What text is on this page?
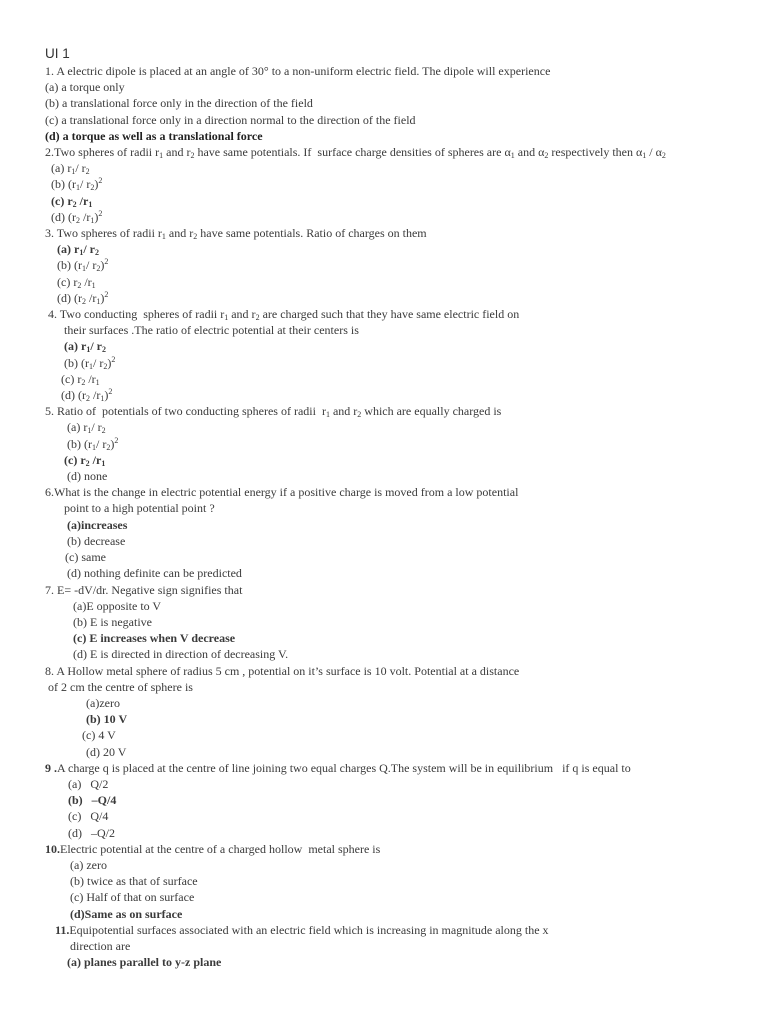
UI 1
1. A electric dipole is placed at an angle of 30° to a non-uniform electric field. The dipole will experience
(a) a torque only
(b) a translational force only in the direction of the field
(c) a translational force only in a direction normal to the direction of the field
(d) a torque as well as a translational force
2.Two spheres of radii $r_1$ and $r_2$ have same potentials. If  surface charge densities of spheres are $\alpha_1$ and $\alpha_2$ respectively then $\alpha_1 / \alpha_2$
(a) $r_1/$ $r_2$
(b) ($r_1/$ $r_2)^2$
(c) $r_2$ $/r_1$
(d) ($r_2$ $/r_1)^2$
3. Two spheres of radii $r_1$ and $r_2$ have same potentials. Ratio of charges on them
(a) $r_1/$ $r_2$
(b) ($r_1/$ $r_2)^2$
(c) $r_2$ $/r_1$
(d) ($r_2$ $/r_1)^2$
4. Two conducting  spheres of radii $r_1$ and $r_2$ are charged such that they have same electric field on
their surfaces .The ratio of electric potential at their centers is
(a) $r_1/$ $r_2$
(b) ($r_1/$ $r_2)^2$
(c) $r_2$ $/r_1$
(d) ($r_2$ $/r_1)^2$
5. Ratio of  potentials of two conducting spheres of radii  $r_1$ and $r_2$ which are equally charged is
(a) $r_1/$ $r_2$
(b) ($r_1/$ $r_2)^2$
(c) $r_2$ $/r_1$
(d) none
6.What is the change in electric potential energy if a positive charge is moved from a low potential
point to a high potential point ?
(a)increases
(b) decrease
(c) same
(d) nothing definite can be predicted
7. E= -dV/dr. Negative sign signifies that
(a)E opposite to V
(b) E is negative
(c) E increases when V decrease
(d) E is directed in direction of decreasing V.
8. A Hollow metal sphere of radius 5 cm , potential on it’s surface is 10 volt. Potential at a distance
of 2 cm the centre of sphere is
(a)zero
(b) 10 V
(c) 4 V
(d) 20 V
9 .A charge q is placed at the centre of line joining two equal charges Q.The system will be in equilibrium   if q is equal to
(a)   Q/2
(b)   –Q/4
(c)   Q/4
(d)   –Q/2
10.Electric potential at the centre of a charged hollow  metal sphere is
(a) zero
(b) twice as that of surface
(c) Half of that on surface
(d)Same as on surface
11.Equipotential surfaces associated with an electric field which is increasing in magnitude along the x
direction are
(a) planes parallel to y-z plane
